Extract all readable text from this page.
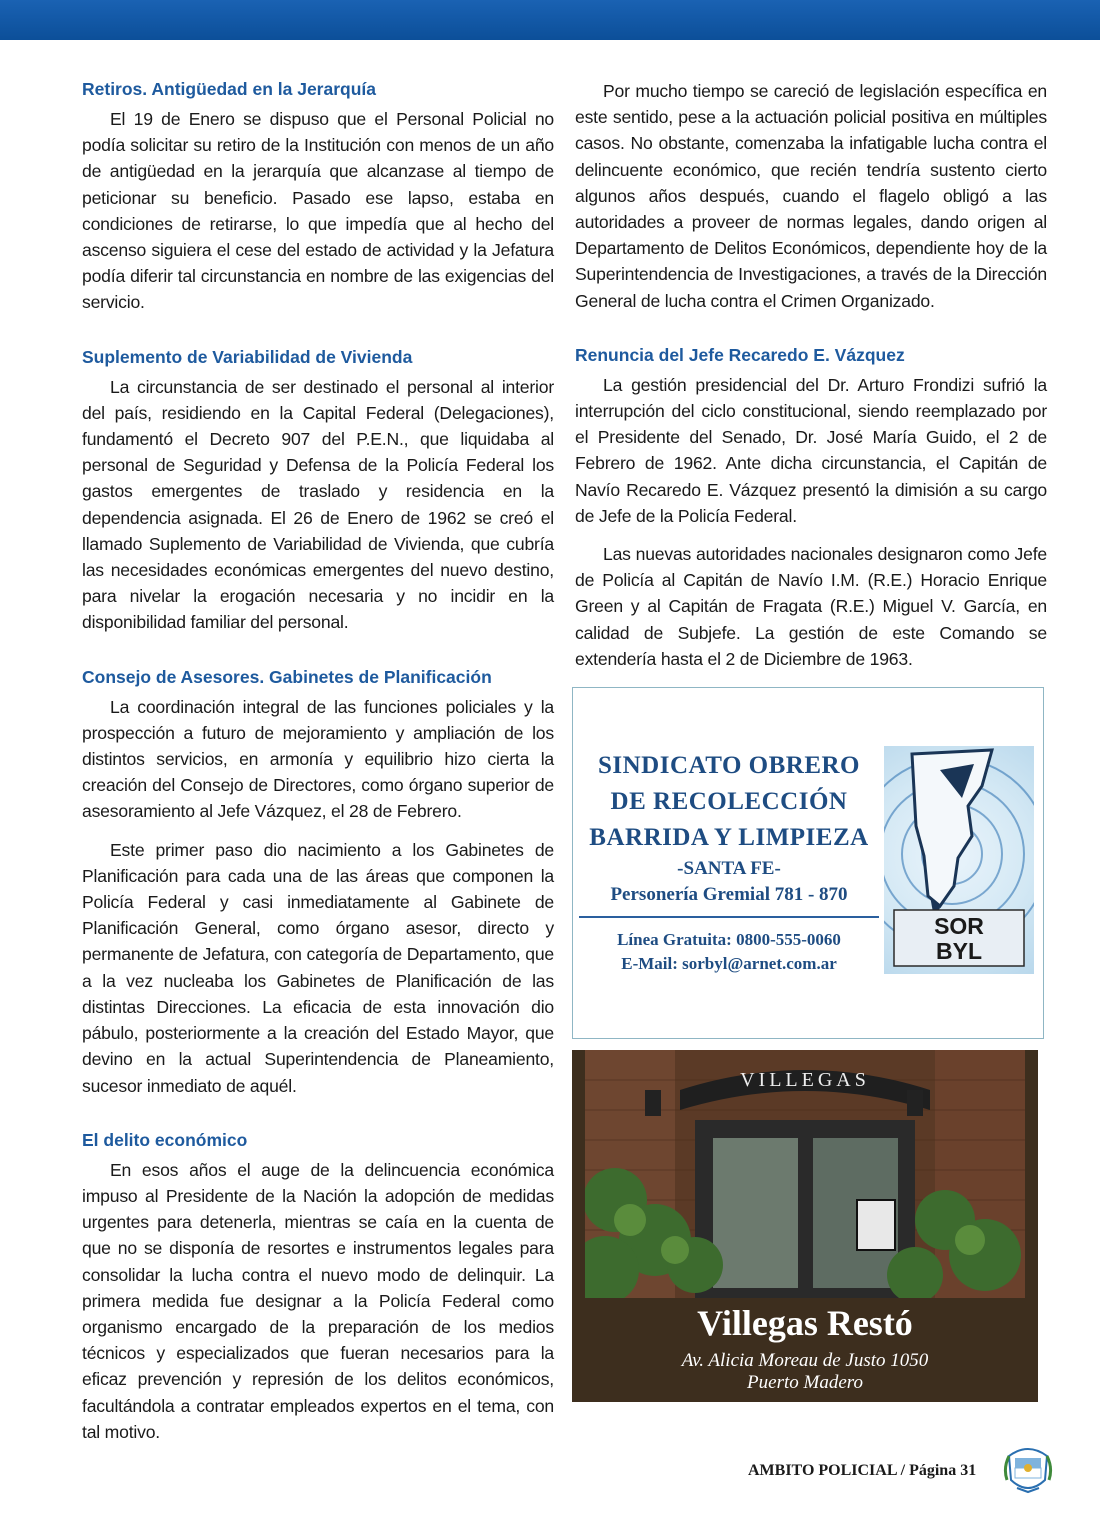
Retiros. Antigüedad en la Jerarquía

El 19 de Enero se dispuso que el Personal Policial no podía solicitar su retiro de la Institución con menos de un año de antigüedad en la jerarquía que alcanzase al tiempo de peticionar su beneficio. Pasado ese lapso, estaba en condiciones de retirarse, lo que impedía que al hecho del ascenso siguiera el cese del estado de actividad y la Jefatura podía diferir tal circunstancia en nombre de las exigencias del servicio.

Suplemento de Variabilidad de Vivienda

La circunstancia de ser destinado el personal al interior del país, residiendo en la Capital Federal (Delegaciones), fundamentó el Decreto 907 del P.E.N., que liquidaba al personal de Seguridad y Defensa de la Policía Federal los gastos emergentes de traslado y residencia en la dependencia asignada. El 26 de Enero de 1962 se creó el llamado Suplemento de Variabilidad de Vivienda, que cubría las necesidades económicas emergentes del nuevo destino, para nivelar la erogación necesaria y no incidir en la disponibilidad familiar del personal.

Consejo de Asesores. Gabinetes de Planificación

La coordinación integral de las funciones policiales y la prospección a futuro de mejoramiento y ampliación de los distintos servicios, en armonía y equilibrio hizo cierta la creación del Consejo de Directores, como órgano superior de asesoramiento al Jefe Vázquez, el 28 de Febrero.

Este primer paso dio nacimiento a los Gabinetes de Planificación para cada una de las áreas que componen la Policía Federal y casi inmediatamente al Gabinete de Planificación General, como órgano asesor, directo y permanente de Jefatura, con categoría de Departamento, que a la vez nucleaba los Gabinetes de Planificación de las distintas Direcciones. La eficacia de esta innovación dio pábulo, posteriormente a la creación del Estado Mayor, que devino en la actual Superintendencia de Planeamiento, sucesor inmediato de aquél.

El delito económico

En esos años el auge de la delincuencia económica impuso al Presidente de la Nación la adopción de medidas urgentes para detenerla, mientras se caía en la cuenta de que no se disponía de resortes e instrumentos legales para consolidar la lucha contra el nuevo modo de delinquir. La primera medida fue designar a la Policía Federal como organismo encargado de la preparación de los medios técnicos y especializados que fueran necesarios para la eficaz prevención y represión de los delitos económicos, facultándola a contratar empleados expertos en el tema, con tal motivo.

Por mucho tiempo se careció de legislación específica en este sentido, pese a la actuación policial positiva en múltiples casos. No obstante, comenzaba la infatigable lucha contra el delincuente económico, que recién tendría sustento cierto algunos años después, cuando el flagelo obligó a las autoridades a proveer de normas legales, dando origen al Departamento de Delitos Económicos, dependiente hoy de la Superintendencia de Investigaciones, a través de la Dirección General de lucha contra el Crimen Organizado.

Renuncia del Jefe Recaredo E. Vázquez

La gestión presidencial del Dr. Arturo Frondizi sufrió la interrupción del ciclo constitucional, siendo reemplazado por el Presidente del Senado, Dr. José María Guido, el 2 de Febrero de 1962. Ante dicha circunstancia, el Capitán de Navío Recaredo E. Vázquez presentó la dimisión a su cargo de Jefe de la Policía Federal.

Las nuevas autoridades nacionales designaron como Jefe de Policía al Capitán de Navío I.M. (R.E.) Horacio Enrique Green y al Capitán de Fragata (R.E.) Miguel V. García, en calidad de Subjefe. La gestión de este Comando se extendería hasta el 2 de Diciembre de 1963.

SINDICATO OBRERO
DE RECOLECCIÓN
BARRIDA Y LIMPIEZA
-SANTA FE-
Personería Gremial 781 - 870
Línea Gratuita: 0800-555-0060
E-Mail: sorbyl@arnet.com.ar
SOR
BYL
VILLEGAS
Villegas Restó
Av. Alicia Moreau de Justo 1050
Puerto Madero
AMBITO POLICIAL / Página 31
